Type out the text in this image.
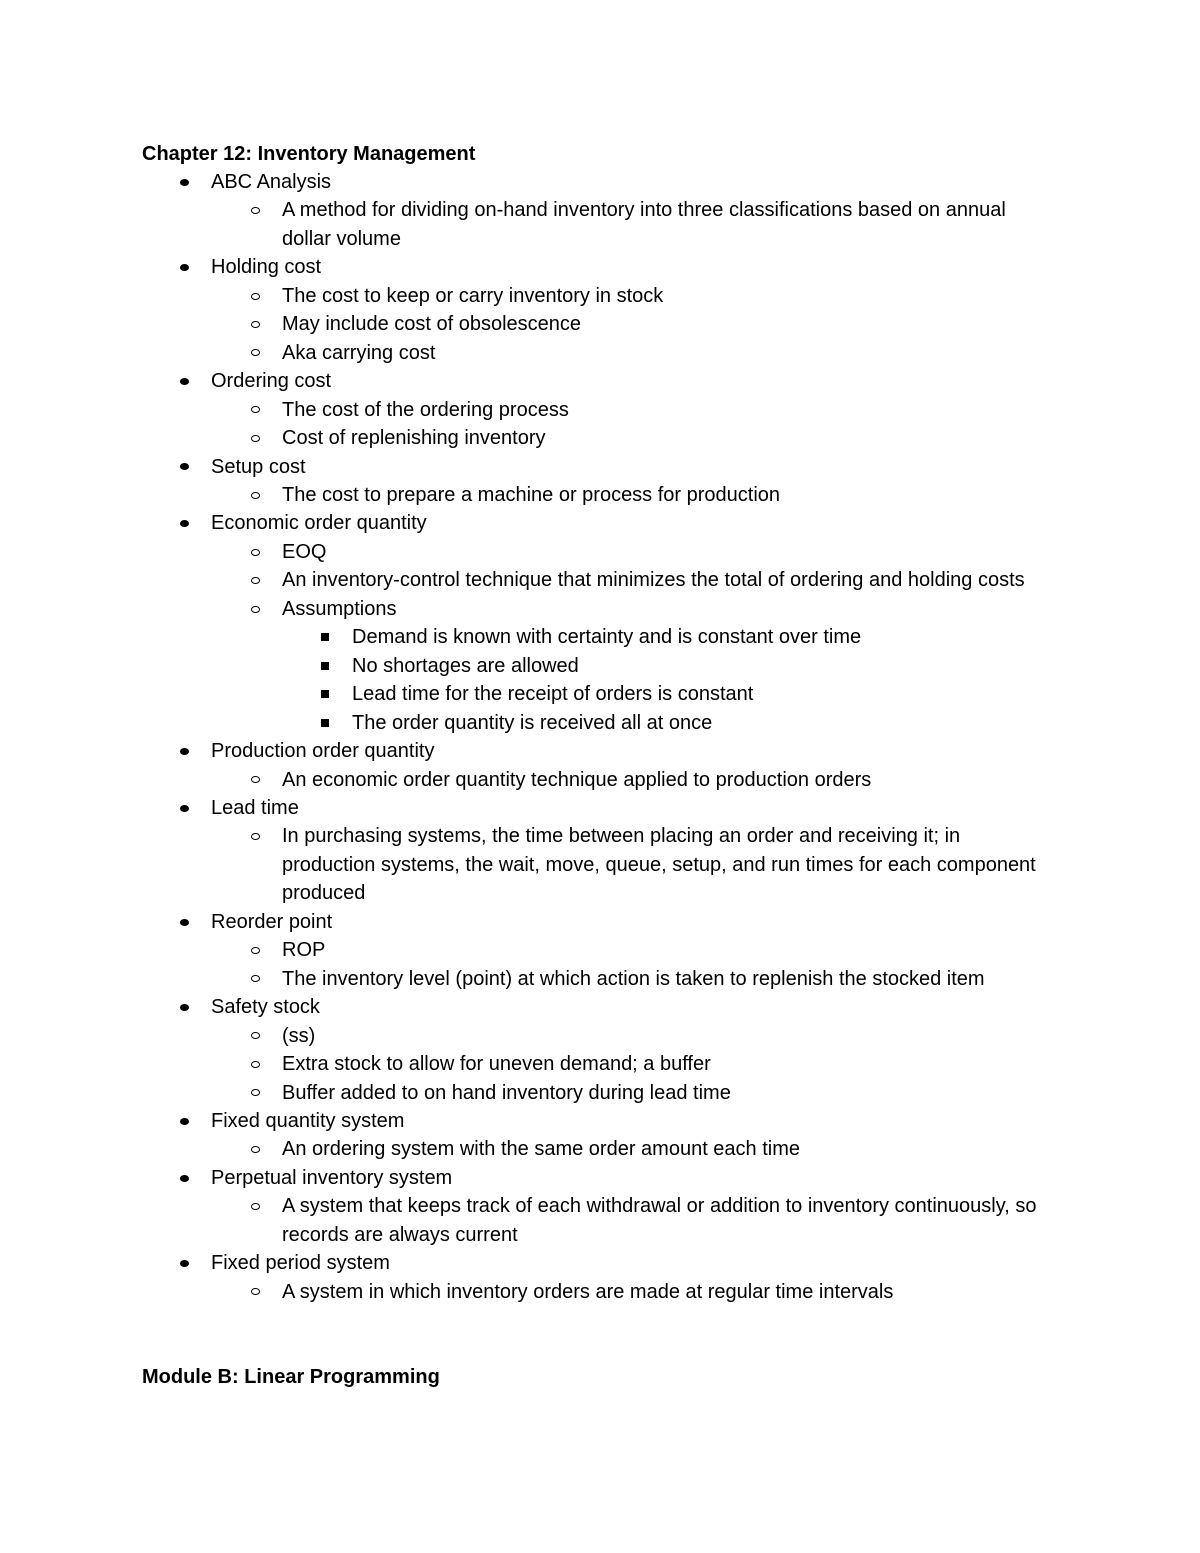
Chapter 12: Inventory Management
ABC Analysis
A method for dividing on-hand inventory into three classifications based on annual dollar volume
Holding cost
The cost to keep or carry inventory in stock
May include cost of obsolescence
Aka carrying cost
Ordering cost
The cost of the ordering process
Cost of replenishing inventory
Setup cost
The cost to prepare a machine or process for production
Economic order quantity
EOQ
An inventory-control technique that minimizes the total of ordering and holding costs
Assumptions
Demand is known with certainty and is constant over time
No shortages are allowed
Lead time for the receipt of orders is constant
The order quantity is received all at once
Production order quantity
An economic order quantity technique applied to production orders
Lead time
In purchasing systems, the time between placing an order and receiving it; in production systems, the wait, move, queue, setup, and run times for each component produced
Reorder point
ROP
The inventory level (point) at which action is taken to replenish the stocked item
Safety stock
(ss)
Extra stock to allow for uneven demand; a buffer
Buffer added to on hand inventory during lead time
Fixed quantity system
An ordering system with the same order amount each time
Perpetual inventory system
A system that keeps track of each withdrawal or addition to inventory continuously, so records are always current
Fixed period system
A system in which inventory orders are made at regular time intervals
Module B: Linear Programming
